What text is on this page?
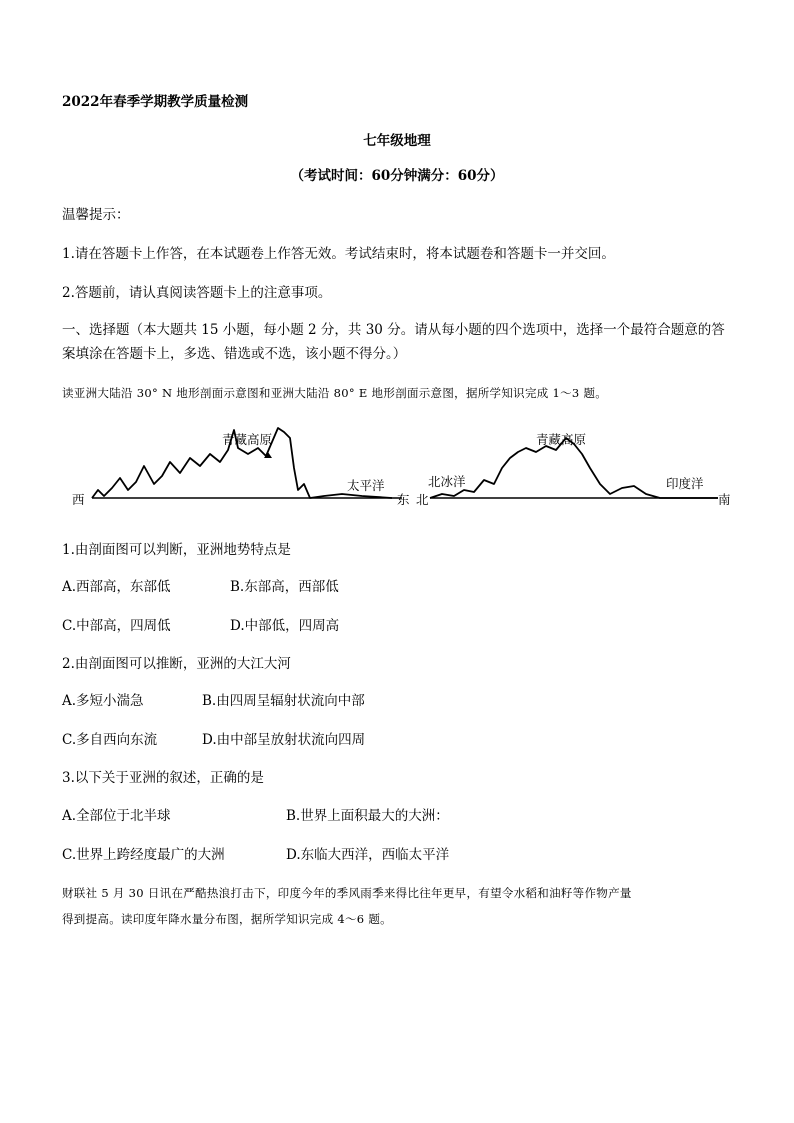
2022年春季学期教学质量检测
七年级地理
（考试时间：60分钟满分：60分）
温馨提示：
1.请在答题卡上作答，在本试题卷上作答无效。考试结束时，将本试题卷和答题卡一并交回。
2.答题前，请认真阅读答题卡上的注意事项。
一、选择题（本大题共 15 小题，每小题 2 分，共 30 分。请从每小题的四个选项中，选择一个最符合题意的答
案填涂在答题卡上，多选、错选或不选，该小题不得分。）
读亚洲大陆沿 30° N 地形剖面示意图和亚洲大陆沿 80° E 地形剖面示意图，据所学知识完成 1～3 题。
青藏高原
太平洋
西	东
青藏高原
北冰洋	印度洋
北	南
1.由剖面图可以判断，亚洲地势特点是
A.西部高，东部低	B.东部高，西部低
C.中部高，四周低	D.中部低，四周高
2.由剖面图可以推断，亚洲的大江大河
A.多短小湍急	B.由四周呈辐射状流向中部
C.多自西向东流	D.由中部呈放射状流向四周
3.以下关于亚洲的叙述，正确的是
A.全部位于北半球	B.世界上面积最大的大洲：
C.世界上跨经度最广的大洲	D.东临大西洋，西临太平洋
财联社 5 月 30 日讯在严酷热浪打击下，印度今年的季风雨季来得比往年更早，有望令水稻和油籽等作物产量
得到提高。读印度年降水量分布图，据所学知识完成 4～6 题。
